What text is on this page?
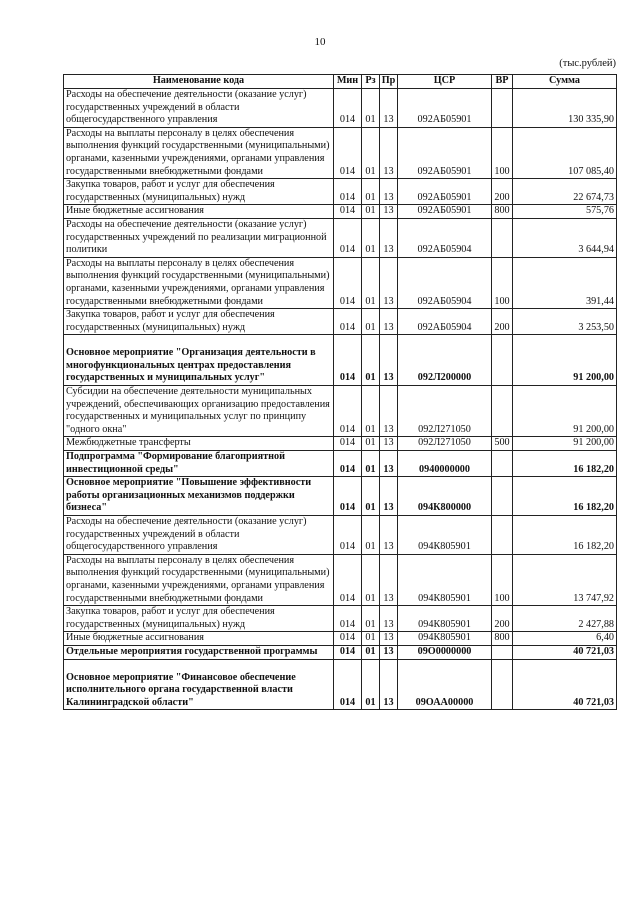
10
(тыс.рублей)
Наименование кода	Мин	Рз	Пр	ЦСР	ВР	Сумма
Расходы на обеспечение деятельности (оказание услуг) государственных учреждений в области общегосударственного управления	014	01	13	092АБ05901		130 335,90
Расходы на выплаты персоналу в целях обеспечения выполнения функций государственными (муниципальными) органами, казенными учреждениями, органами управления государственными внебюджетными фондами	014	01	13	092АБ05901	100	107 085,40
Закупка товаров, работ и услуг для обеспечения государственных (муниципальных) нужд	014	01	13	092АБ05901	200	22 674,73
Иные бюджетные ассигнования	014	01	13	092АБ05901	800	575,76
Расходы на обеспечение деятельности (оказание услуг) государственных учреждений по реализации миграционной политики	014	01	13	092АБ05904		3 644,94
Расходы на выплаты персоналу в целях обеспечения выполнения функций государственными (муниципальными) органами, казенными учреждениями, органами управления государственными внебюджетными фондами	014	01	13	092АБ05904	100	391,44
Закупка товаров, работ и услуг для обеспечения государственных (муниципальных) нужд	014	01	13	092АБ05904	200	3 253,50
Основное мероприятие "Организация деятельности в многофункциональных центрах предоставления государственных и муниципальных услуг"	014	01	13	092Л200000		91 200,00
Субсидии на обеспечение деятельности муниципальных учреждений, обеспечивающих организацию предоставления государственных и муниципальных услуг по принципу "одного окна"	014	01	13	092Л271050		91 200,00
Межбюджетные трансферты	014	01	13	092Л271050	500	91 200,00
Подпрограмма "Формирование благоприятной инвестиционной среды"	014	01	13	0940000000		16 182,20
Основное мероприятие "Повышение эффективности работы организационных механизмов поддержки бизнеса"	014	01	13	094К800000		16 182,20
Расходы на обеспечение деятельности (оказание услуг) государственных учреждений в области общегосударственного управления	014	01	13	094К805901		16 182,20
Расходы на выплаты персоналу в целях обеспечения выполнения функций государственными (муниципальными) органами, казенными учреждениями, органами управления государственными внебюджетными фондами	014	01	13	094К805901	100	13 747,92
Закупка товаров, работ и услуг для обеспечения государственных (муниципальных) нужд	014	01	13	094К805901	200	2 427,88
Иные бюджетные ассигнования	014	01	13	094К805901	800	6,40
Отдельные мероприятия государственной программы	014	01	13	09О0000000		40 721,03
Основное мероприятие "Финансовое обеспечение исполнительного органа государственной власти Калининградской области"	014	01	13	09ОАА00000		40 721,03
